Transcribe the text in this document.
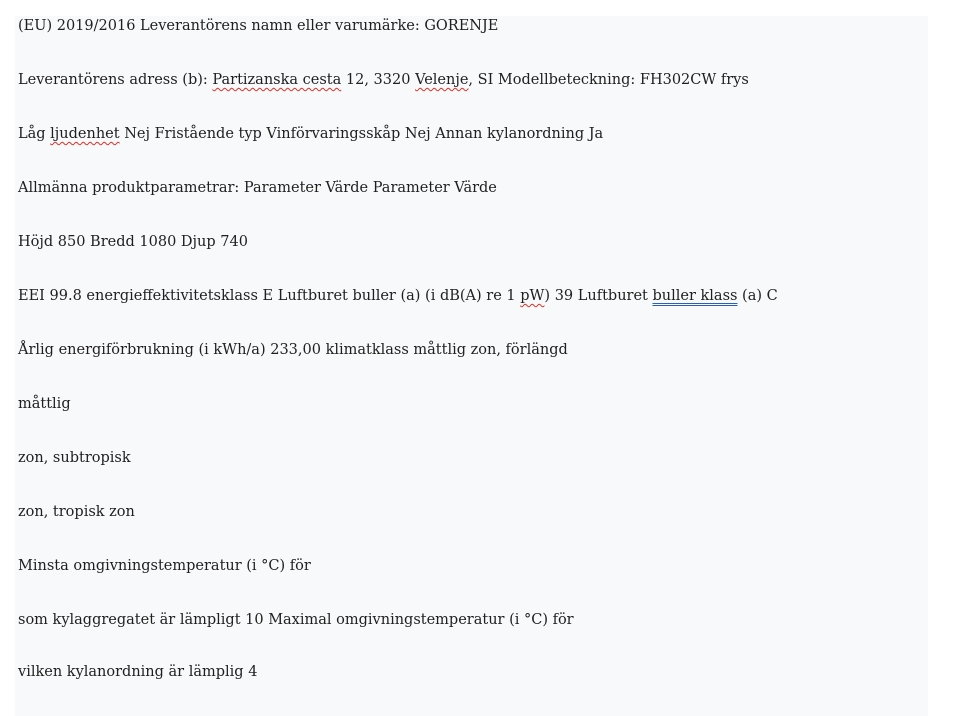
(EU) 2019/2016 Leverantörens namn eller varumärke: GORENJE
Leverantörens adress (b): Partizanska cesta 12, 3320 Velenje, SI Modellbeteckning: FH302CW frys
Låg ljudenhet Nej Fristående typ Vinförvaringsskåp Nej Annan kylanordning Ja
Allmänna produktparametrar: Parameter Värde Parameter Värde
Höjd 850 Bredd 1080 Djup 740
EEI 99.8 energieffektivitetsklass E Luftburet buller (a) (i dB(A) re 1 pW) 39 Luftburet buller klass (a) C
Årlig energiförbrukning (i kWh/a) 233,00 klimatklass måttlig zon, förlängd
måttlig
zon, subtropisk
zon, tropisk zon
Minsta omgivningstemperatur (i °C) för
som kylaggregatet är lämpligt 10 Maximal omgivningstemperatur (i °C) för
vilken kylanordning är lämplig 4
